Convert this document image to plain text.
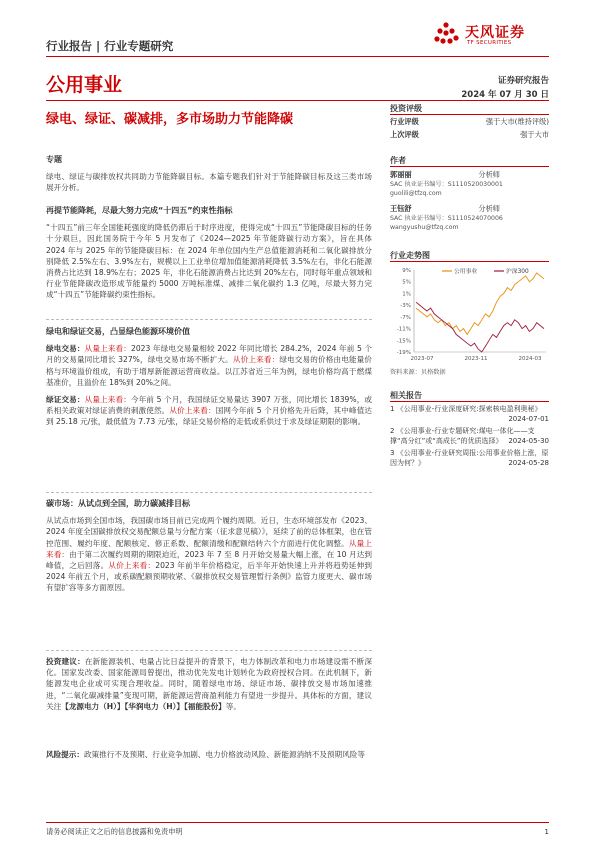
行业报告 | 行业专题研究
天风证券
TF SECURITIES
公用事业	证券研究报告
2024 年 07 月 30 日
绿电、绿证、碳减排，多市场助力节能降碳
专题
绿电、绿证与碳排放权共同助力节能降碳目标。本篇专题我们针对于节能降碳目标及这三类市场展开分析。
再提节能降耗，尽最大努力完成“十四五”约束性指标
“十四五”前三年全国能耗强度的降低仍滞后于时序进度，使得完成“十四五”节能降碳目标的任务十分艰巨，因此国务院于今年 5 月发布了《2024—2025 年节能降碳行动方案》，旨在具体 2024 年与 2025 年的节能降碳目标：在 2024 年单位国内生产总值能源消耗和二氧化碳排放分别降低 2.5%左右、3.9%左右，规模以上工业单位增加值能源消耗降低 3.5%左右，非化石能源消费占比达到 18.9%左右；2025 年，非化石能源消费占比达到 20%左右，同时每年重点领域和行业节能降碳改造形成节能量约 5000 万吨标准煤、减排二氧化碳约 1.3 亿吨，尽最大努力完成“十四五”节能降碳约束性指标。
绿电和绿证交易，凸显绿色能源环境价值
绿电交易：从量上来看：2023 年绿电交易量相较 2022 年同比增长 284.2%，2024 年前 5 个月的交易量同比增长 327%，绿电交易市场不断扩大。从价上来看：绿电交易的价格由电能量价格与环境溢价组成，有助于增厚新能源运营商收益。以江苏省近三年为例，绿电价格均高于燃煤基准价，且溢价在 18%到 20%之间。
绿证交易：从量上来看：今年前 5 个月，我国绿证交易量达 3907 万张，同比增长 1839%，或系相关政策对绿证消费的刺激使然。从价上来看：国网今年前 5 个月价格先升后降，其中峰值达到 25.18 元/张，最低值为 7.73 元/张，绿证交易价格的走低或系供过于求及绿证期限的影响。
碳市场：从试点到全国，助力碳减排目标
从试点市场到全国市场，我国碳市场目前已完成两个履约周期。近日，生态环境部发布《2023、2024 年度全国碳排放权交易配额总量与分配方案（征求意见稿）》，延续了前的总体框架，也在管控范围、履约年度、配额核定、修正系数、配额清缴和配额结转六个方面进行优化调整。从量上来看：由于第二次履约周期的期限迫近，2023 年 7 至 8 月开始交易量大幅上涨，在 10 月达到峰值，之后回落。从价上来看：2023 年前半年价格稳定，后半年开始快速上升并将趋势延伸到 2024 年前五个月，或系碳配额预期收紧、《碳排放权交易管理暂行条例》监管力度更大、碳市场有望扩容等多方面原因。
投资建议：在新能源装机、电量占比日益提升的背景下，电力体制改革和电力市场建设需不断深化。国家发改委、国家能源局曾提出，推动优先发电计划转化为政府授权合同。在此机制下，新能源发电企业或可实现合理收益。同时，随着绿电市场、绿证市场、碳排放交易市场加速推进，“二氧化碳减排量”变现可期，新能源运营商盈利能力有望进一步提升。具体标的方面，建议关注【龙源电力（H）】【华润电力（H）】【福能股份】等。
风险提示：政策推行不及预期、行业竞争加剧、电力价格波动风险、新能源消纳不及预期风险等
投资评级
行业评级	强于大市(维持评级)
上次评级	强于大市
作者
郭丽丽	分析师
SAC 执业证书编号：S1110520030001
guolili@tfzq.com
王钰舒	分析师
SAC 执业证书编号：S1110524070006
wangyushu@tfzq.com
行业走势图
9%
5%
1%
-3%
-7%
-11%
-15%
-19%
2023-07	2023-11	2024-03
公用事业	沪深300
资料来源：贝格数据
相关报告
1 《公用事业-行业深度研究:探索核电盈利奥秘》
2024-07-01
2 《公用事业-行业专题研究:煤电一体化——支撑“高分红”或“高成长”的优质选择》 2024-05-30
3 《公用事业-行业研究周报:公用事业价格上涨，原因为何？》	2024-05-28
请务必阅读正文之后的信息披露和免责申明	1
